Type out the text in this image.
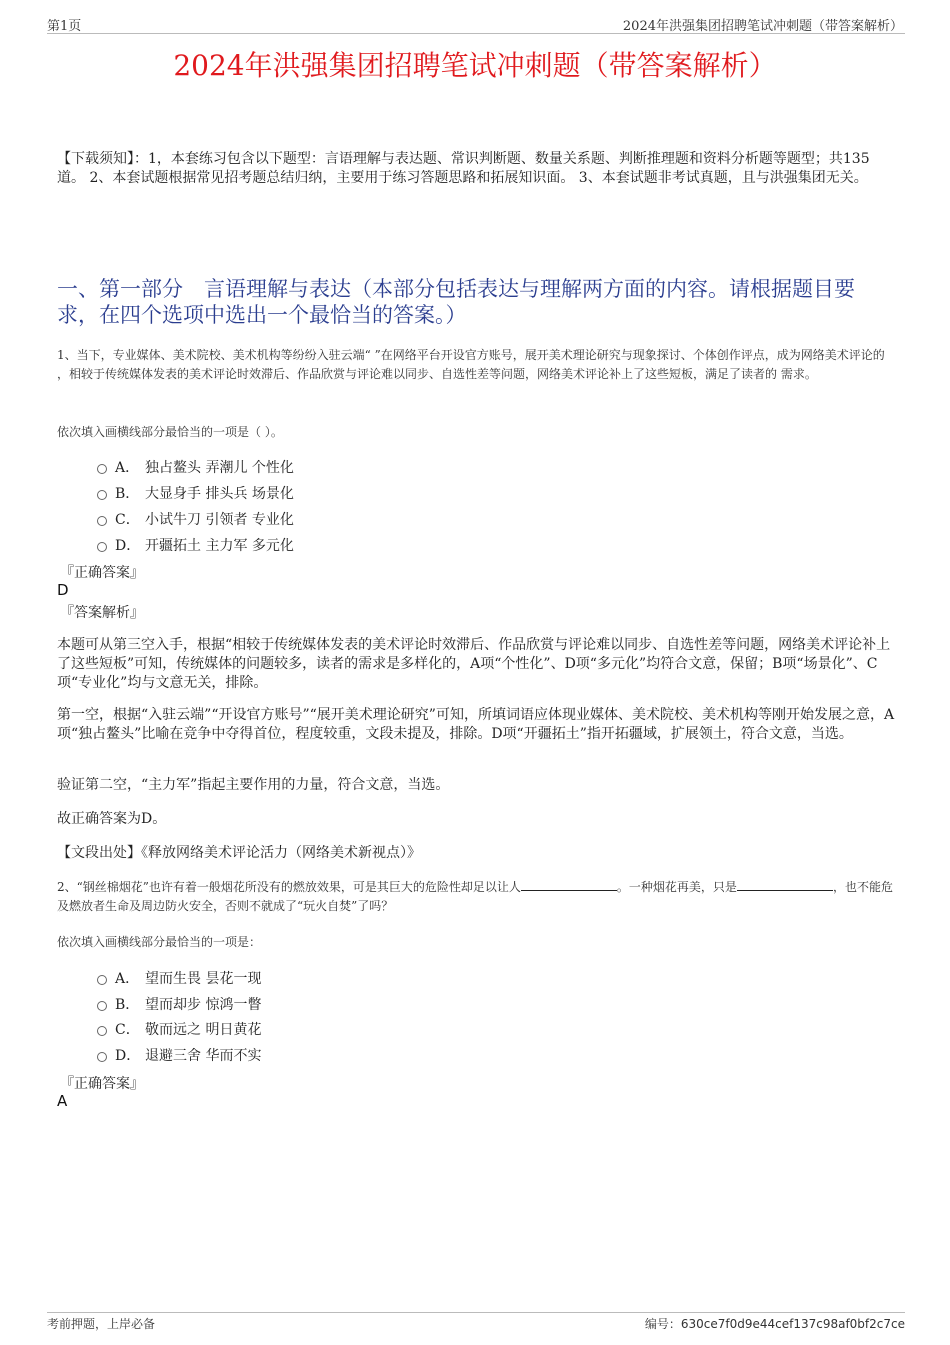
第1页	2024年洪强集团招聘笔试冲刺题（带答案解析）
2024年洪强集团招聘笔试冲刺题（带答案解析）
【下载须知】：1，本套练习包含以下题型：言语理解与表达题、常识判断题、数量关系题、判断推理题和资料分析题等题型；共135道。 2、本套试题根据常见招考题总结归纳，主要用于练习答题思路和拓展知识面。 3、本套试题非考试真题，且与洪强集团无关。
一、第一部分　言语理解与表达（本部分包括表达与理解两方面的内容。请根据题目要求，在四个选项中选出一个最恰当的答案。）
1、当下，专业媒体、美术院校、美术机构等纷纷入驻云端“ ”在网络平台开设官方账号，展开美术理论研究与现象探讨、个体创作评点，成为网络美术评论的 ，相较于传统媒体发表的美术评论时效滞后、作品欣赏与评论难以同步、自选性差等问题，网络美术评论补上了这些短板，满足了读者的 需求。
依次填入画横线部分最恰当的一项是（ ）。
A． 独占鳌头 弄潮儿 个性化
B． 大显身手 排头兵 场景化
C． 小试牛刀 引领者 专业化
D． 开疆拓土 主力军 多元化
『正确答案』
D
『答案解析』
本题可从第三空入手，根据“相较于传统媒体发表的美术评论时效滞后、作品欣赏与评论难以同步、自选性差等问题，网络美术评论补上了这些短板”可知，传统媒体的问题较多，读者的需求是多样化的，A项“个性化”、D项“多元化”均符合文意，保留；B项“场景化”、C项“专业化”均与文意无关，排除。
第一空，根据“入驻云端”“开设官方账号”“展开美术理论研究”可知，所填词语应体现业媒体、美术院校、美术机构等刚开始发展之意，A项“独占鳌头”比喻在竞争中夺得首位，程度较重，文段未提及，排除。D项“开疆拓土”指开拓疆域，扩展领土，符合文意，当选。
验证第二空，“主力军”指起主要作用的力量，符合文意，当选。
故正确答案为D。
【文段出处】《释放网络美术评论活力（网络美术新视点）》
2、“钢丝棉烟花”也许有着一般烟花所没有的燃放效果，可是其巨大的危险性却足以让人	。一种烟花再美，只是	，也不能危及燃放者生命及周边防火安全，否则不就成了“玩火自焚”了吗？
依次填入画横线部分最恰当的一项是：
A． 望而生畏 昙花一现
B． 望而却步 惊鸿一瞥
C． 敬而远之 明日黄花
D． 退避三舍 华而不实
『正确答案』
A
考前押题，上岸必备	编号：630ce7f0d9e44cef137c98af0bf2c7ce
